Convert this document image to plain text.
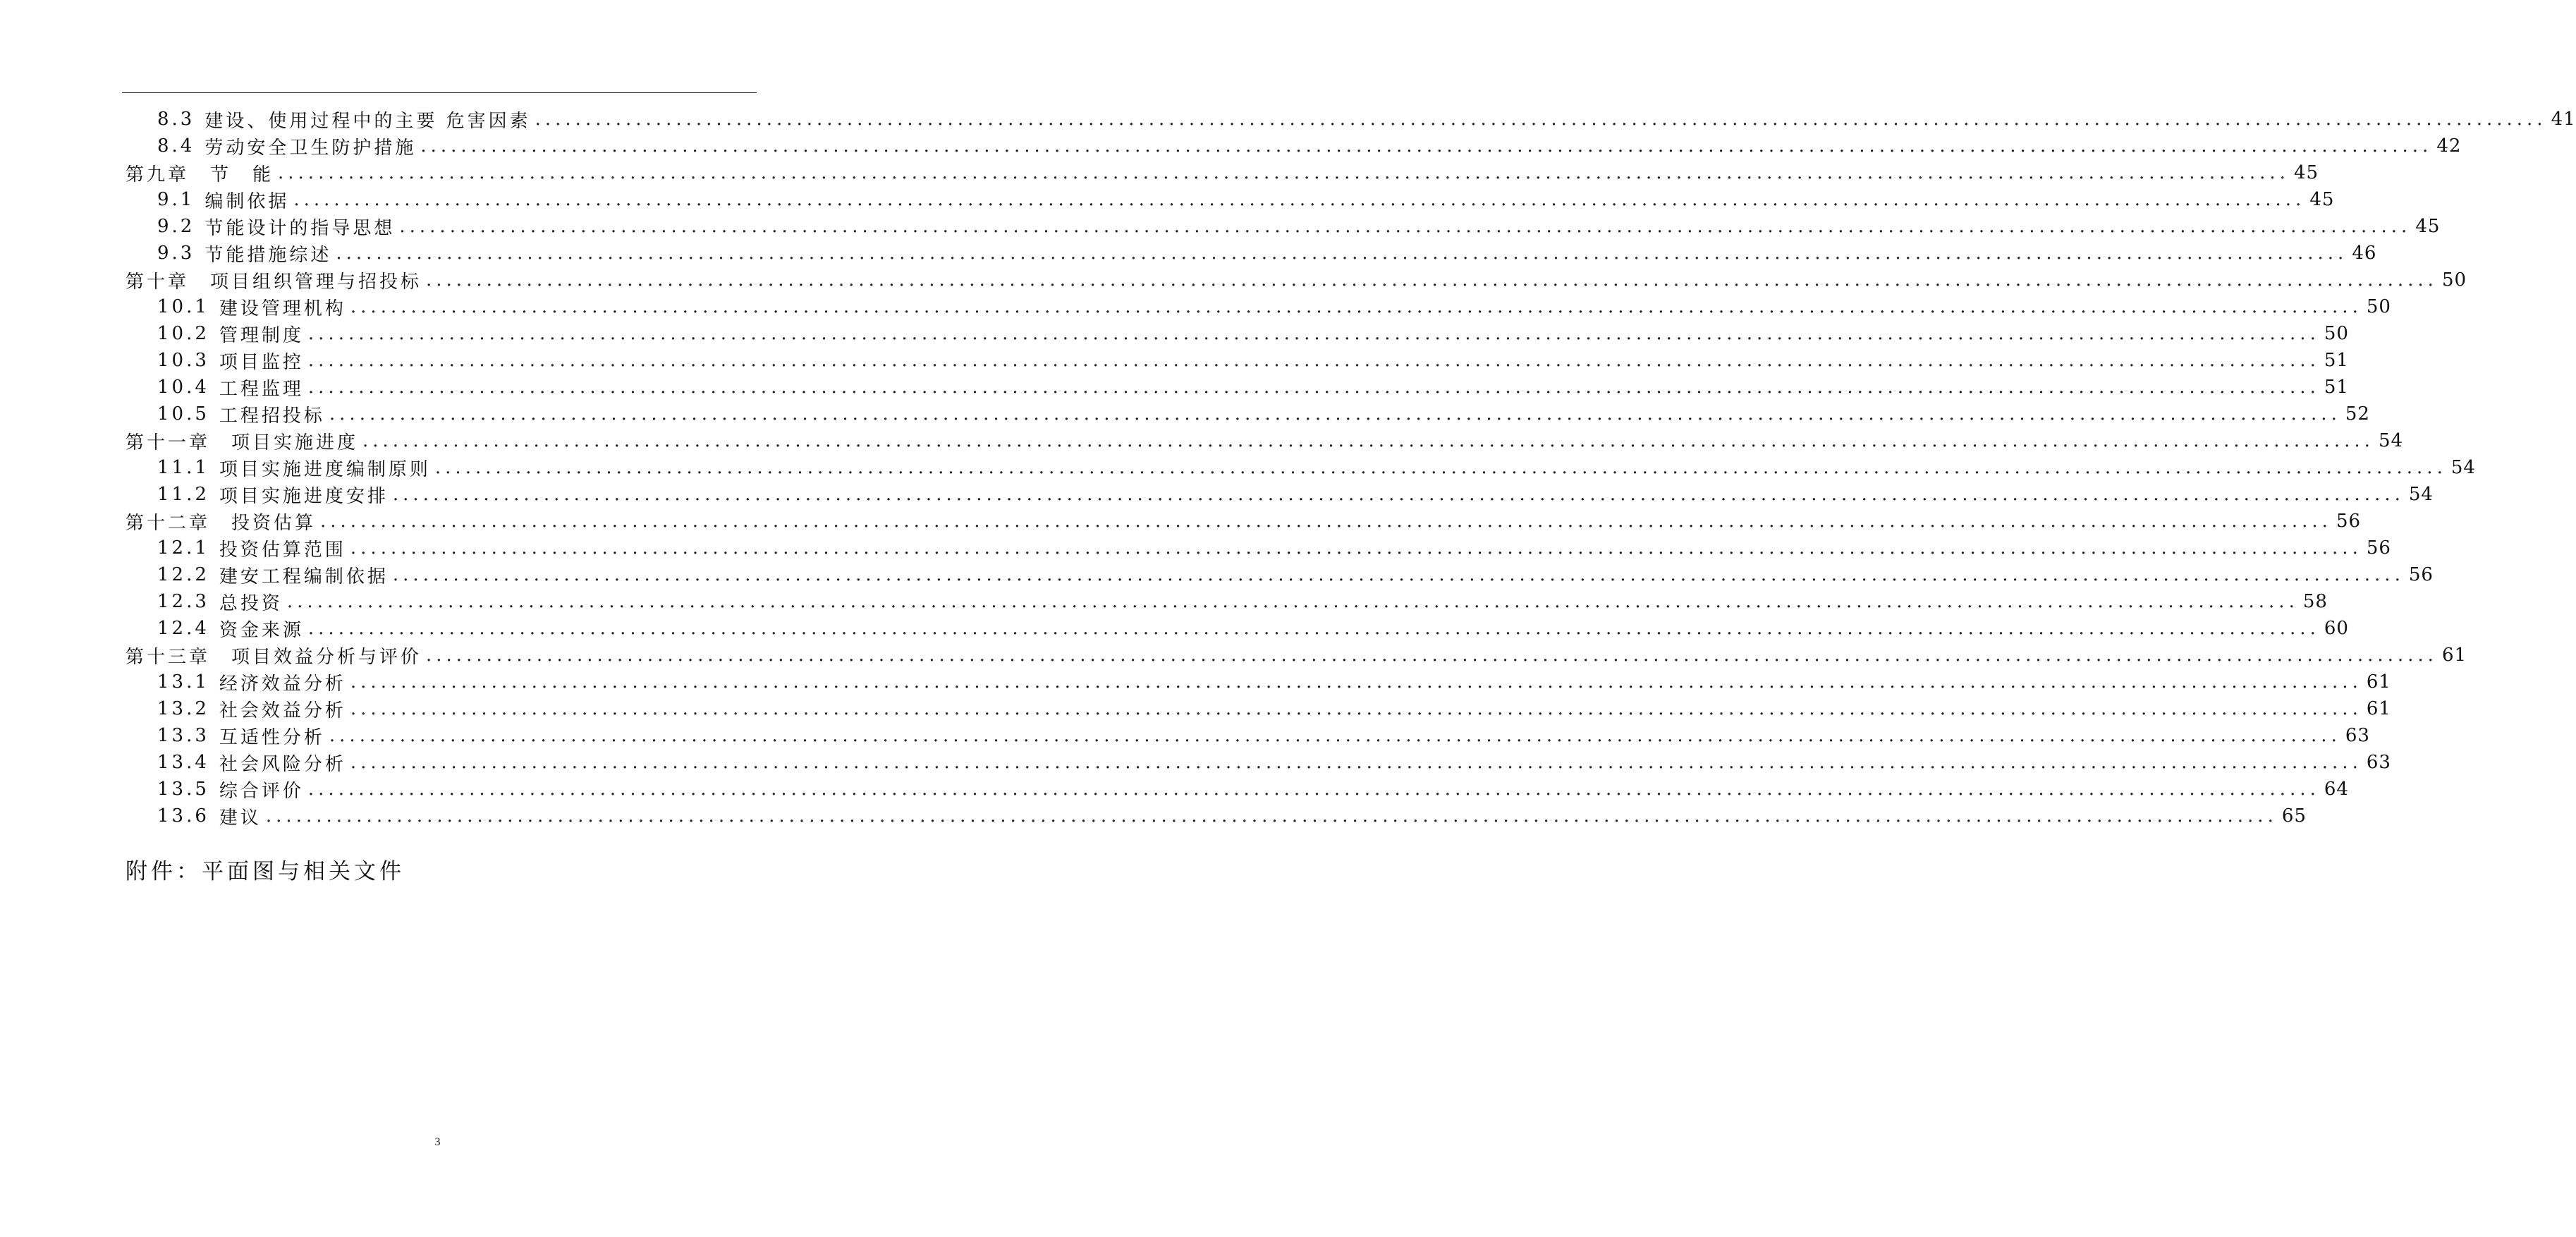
8.3 建设、使用过程中的主要 危害因素 ........................................................................................................................................................................................................ 41
8.4 劳动安全卫生防护措施 ........................................................................................................................................................................................................ 42
第九章　节　能 ........................................................................................................................................................................................................ 45
9.1 编制依据 ........................................................................................................................................................................................................ 45
9.2 节能设计的指导思想 ........................................................................................................................................................................................................ 45
9.3 节能措施综述 ........................................................................................................................................................................................................ 46
第十章　项目组织管理与招投标 ........................................................................................................................................................................................................ 50
10.1 建设管理机构 ........................................................................................................................................................................................................ 50
10.2 管理制度 ........................................................................................................................................................................................................ 50
10.3 项目监控 ........................................................................................................................................................................................................ 51
10.4 工程监理 ........................................................................................................................................................................................................ 51
10.5 工程招投标 ........................................................................................................................................................................................................ 52
第十一章　项目实施进度 ........................................................................................................................................................................................................ 54
11.1 项目实施进度编制原则 ........................................................................................................................................................................................................ 54
11.2 项目实施进度安排 ........................................................................................................................................................................................................ 54
第十二章　投资估算 ........................................................................................................................................................................................................ 56
12.1 投资估算范围 ........................................................................................................................................................................................................ 56
12.2 建安工程编制依据 ........................................................................................................................................................................................................ 56
12.3 总投资 ........................................................................................................................................................................................................ 58
12.4 资金来源 ........................................................................................................................................................................................................ 60
第十三章　项目效益分析与评价 ........................................................................................................................................................................................................ 61
13.1 经济效益分析 ........................................................................................................................................................................................................ 61
13.2 社会效益分析 ........................................................................................................................................................................................................ 61
13.3 互适性分析 ........................................................................................................................................................................................................ 63
13.4 社会风险分析 ........................................................................................................................................................................................................ 63
13.5 综合评价 ........................................................................................................................................................................................................ 64
13.6 建议 ........................................................................................................................................................................................................ 65
附件：平面图与相关文件
3
